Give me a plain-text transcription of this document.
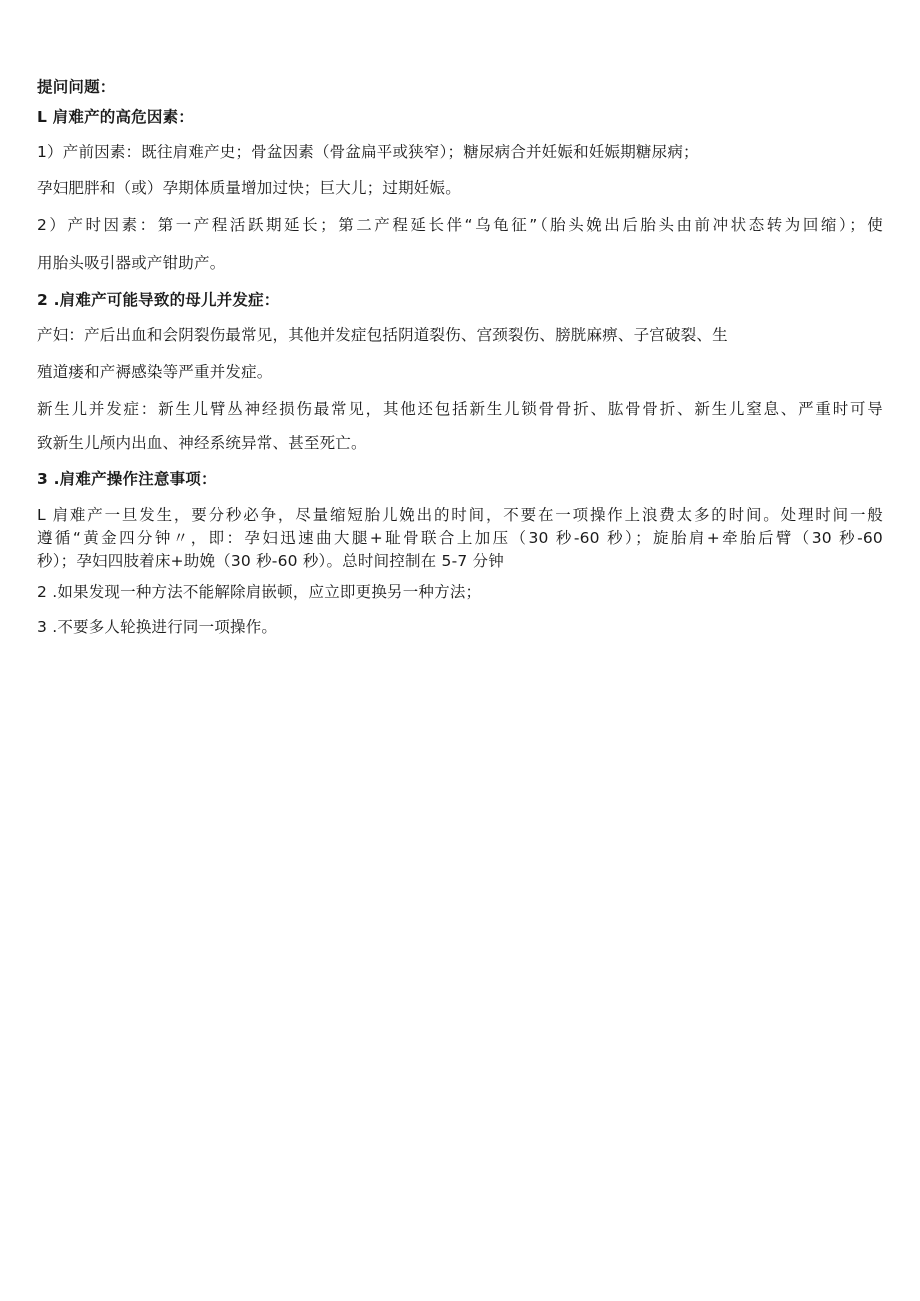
提问问题：
L 肩难产的高危因素：
1）产前因素：既往肩难产史；骨盆因素（骨盆扁平或狭窄）；糖尿病合并妊娠和妊娠期糖尿病；
孕妇肥胖和（或）孕期体质量增加过快；巨大儿；过期妊娠。
2）产时因素：第一产程活跃期延长；第二产程延长伴“乌龟征”（胎头娩出后胎头由前冲状态转为回缩）；使
用胎头吸引器或产钳助产。
2 .肩难产可能导致的母儿并发症：
产妇：产后出血和会阴裂伤最常见，其他并发症包括阴道裂伤、宫颈裂伤、膀胱麻痹、子宫破裂、生
殖道瘘和产褥感染等严重并发症。
新生儿并发症：新生儿臂丛神经损伤最常见，其他还包括新生儿锁骨骨折、肱骨骨折、新生儿窒息、严重时可导
致新生儿颅内出血、神经系统异常、甚至死亡。
3 .肩难产操作注意事项：
L 肩难产一旦发生，要分秒必争，尽量缩短胎儿娩出的时间，不要在一项操作上浪费太多的时间。处理时间一般
遵循“黄金四分钟〃，即：孕妇迅速曲大腿+耻骨联合上加压（30 秒-60 秒）；旋胎肩+牵胎后臂（30 秒-60
秒）；孕妇四肢着床+助娩（30 秒-60 秒）。总时间控制在 5-7 分钟
2 .如果发现一种方法不能解除肩嵌顿，应立即更换另一种方法；
3 .不要多人轮换进行同一项操作。
